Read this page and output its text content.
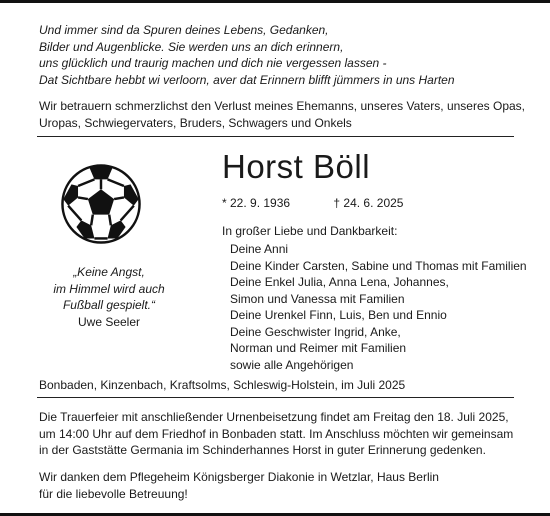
Und immer sind da Spuren deines Lebens, Gedanken,
Bilder und Augenblicke. Sie werden uns an dich erinnern,
uns glücklich und traurig machen und dich nie vergessen lassen -
Dat Sichtbare hebbt wi verloorn, aver dat Erinnern blifft jümmers in uns Harten

Wir betrauern schmerzlichst den Verlust meines Ehemanns, unseres Vaters, unseres Opas,
Uropas, Schwiegervaters, Bruders, Schwagers und Onkels

„Keine Angst,
im Himmel wird auch
Fußball gespielt.“
Uwe Seeler
Horst Böll
* 22. 9. 1936	† 24. 6. 2025
In großer Liebe und Dankbarkeit:
Deine Anni
Deine Kinder Carsten, Sabine und Thomas mit Familien
Deine Enkel Julia, Anna Lena, Johannes,
Simon und Vanessa mit Familien
Deine Urenkel Finn, Luis, Ben und Ennio
Deine Geschwister Ingrid, Anke,
Norman und Reimer mit Familien
sowie alle Angehörigen

Bonbaden, Kinzenbach, Kraftsolms, Schleswig-Holstein, im Juli 2025

Die Trauerfeier mit anschließender Urnenbeisetzung findet am Freitag den 18. Juli 2025,
um 14:00 Uhr auf dem Friedhof in Bonbaden statt. Im Anschluss möchten wir gemeinsam
in der Gaststätte Germania im Schinderhannes Horst in guter Erinnerung gedenken.

Wir danken dem Pflegeheim Königsberger Diakonie in Wetzlar, Haus Berlin
für die liebevolle Betreuung!
